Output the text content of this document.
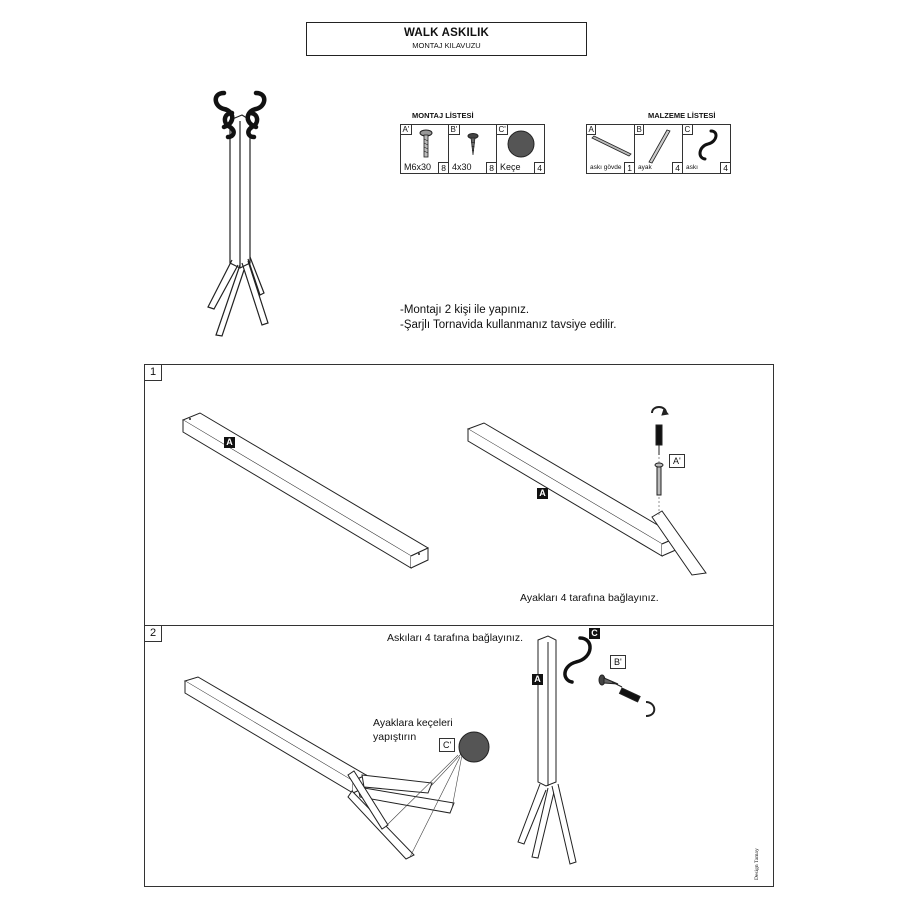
WALK ASKILIK
MONTAJ KILAVUZU
MONTAJ LİSTESİ
A'
M6x30	8

B'
4x30	8

C'
Keçe	4
MALZEME LİSTESİ
A
askı gövde 1

B
ayak	4

C
askı	4
-Montajı 2 kişi ile yapınız.
-Şarjlı Tornavida kullanmanız tavsiye edilir.
1
A
A
A'
Ayakları 4 tarafına bağlayınız.
2	Askıları 4 tarafına bağlayınız.
Ayaklara keçeleri
yapıştırın
C'
A
C
B'
Design Tamay
